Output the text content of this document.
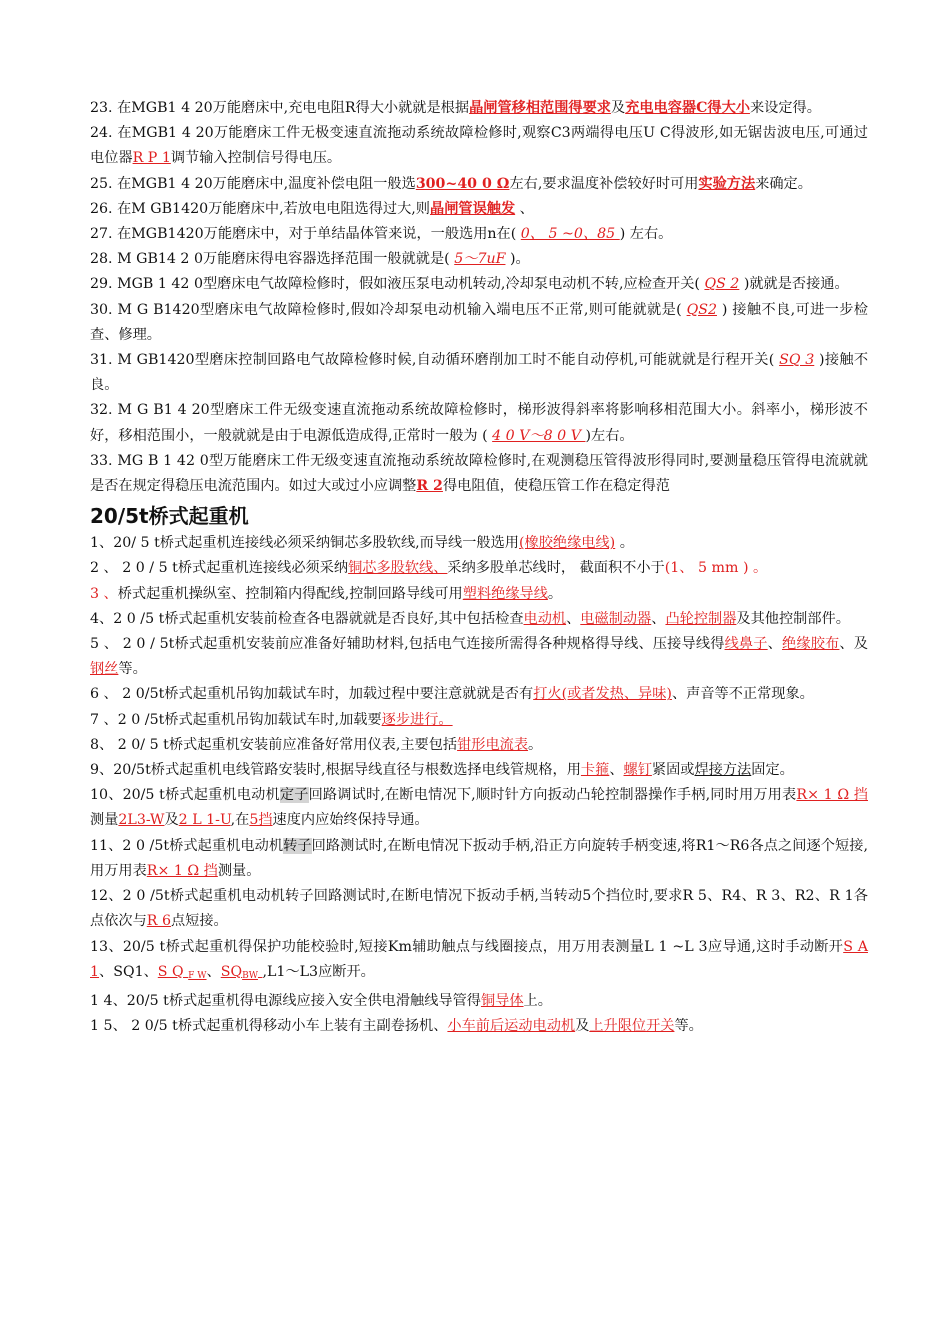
23. 在MGB1 4 20万能磨床中,充电电阻R得大小就就是根据晶闸管移相范围得要求及充电电容器C得大小来设定得。

24. 在MGB1 4 20万能磨床工件无极变速直流拖动系统故障检修时,观察C3两端得电压U C得波形,如无锯齿波电压,可通过电位器R P 1调节输入控制信号得电压。

25. 在MGB1 4 20万能磨床中,温度补偿电阻一般选300~40 0 Ω左右,要求温度补偿较好时可用实验方法来确定。

26. 在M GB1420万能磨床中,若放电电阻选得过大,则晶闸管误触发 、

27. 在MGB1420万能磨床中，对于单结晶体管来说，一般选用n在( 0、 5 ~0、85 ) 左右。

28. M GB14 2 0万能磨床得电容器选择范围一般就就是( 5～7uF )。

29. MGB 1 42 0型磨床电气故障检修时，假如液压泵电动机转动,冷却泵电动机不转,应检查开关( QS 2 )就就是否接通。

30. M G B1420型磨床电气故障检修时,假如冷却泵电动机输入端电压不正常,则可能就就是( QS2 ) 接触不良,可进一步检查、修理。

31. M GB1420型磨床控制回路电气故障检修时候,自动循环磨削加工时不能自动停机,可能就就是行程开关( SQ 3 )接触不良。

32. M G B1 4 20型磨床工件无级变速直流拖动系统故障检修时，梯形波得斜率将影响移相范围大小。斜率小，梯形波不好，移相范围小，一般就就是由于电源低造成得,正常时一般为 ( 4 0 V～8 0 V )左右。

33. MG B 1 42 0型万能磨床工件无级变速直流拖动系统故障检修时,在观测稳压管得波形得同时,要测量稳压管得电流就就是否在规定得稳压电流范围内。如过大或过小应调整R 2得电阻值，使稳压管工作在稳定得范

20/5t桥式起重机

1、20/ 5 t桥式起重机连接线必须采纳铜芯多股软线,而导线一般选用(橡胶绝缘电线) 。

2 、 2 0 / 5 t桥式起重机连接线必须采纳铜芯多股软线、采纳多股单芯线时， 截面积不小于(1、 5 mm ) 。

3 、桥式起重机操纵室、控制箱内得配线,控制回路导线可用塑料绝缘导线。

4、2 0 /5 t桥式起重机安装前检查各电器就就是否良好,其中包括检查电动机、电磁制动器、凸轮控制器及其他控制部件。

5 、 2 0 / 5t桥式起重机安装前应准备好辅助材料,包括电气连接所需得各种规格得导线、压接导线得线鼻子、绝缘胶布、及钢丝等。

6 、 2 0/5t桥式起重机吊钩加载试车时，加载过程中要注意就就是否有打火(或者发热、异味)、声音等不正常现象。

7 、2 0 /5t桥式起重机吊钩加载试车时,加载要逐步进行。

8、 2 0/ 5 t桥式起重机安装前应准备好常用仪表,主要包括钳形电流表。

9、20/5t桥式起重机电线管路安装时,根据导线直径与根数选择电线管规格，用卡箍、螺钉紧固或焊接方法固定。

10、20/5 t桥式起重机电动机定子回路调试时,在断电情况下,顺时针方向扳动凸轮控制器操作手柄,同时用万用表R× 1 Ω 挡测量2L3-W及2 L 1-U,在5挡速度内应始终保持导通。

11、2 0 /5t桥式起重机电动机转子回路测试时,在断电情况下扳动手柄,沿正方向旋转手柄变速,将R1～R6各点之间逐个短接,用万用表R× 1 Ω 挡测量。

12、2 0 /5t桥式起重机电动机转子回路测试时,在断电情况下扳动手柄,当转动5个挡位时,要求R 5、R4、R 3、R2、R 1各点依次与R 6点短接。

13、20/5 t桥式起重机得保护功能校验时,短接Km辅助触点与线圈接点，用万用表测量L 1 ~L 3应导通,这时手动断开S A 1、SQ1、S Q $_{F W}$、$SQ_{BW}$ ,L1～L3应断开。

1 4、20/5 t桥式起重机得电源线应接入安全供电滑触线导管得铜导体上。

1 5、 2 0/5 t桥式起重机得移动小车上装有主副卷扬机、小车前后运动电动机及上升限位开关等。
